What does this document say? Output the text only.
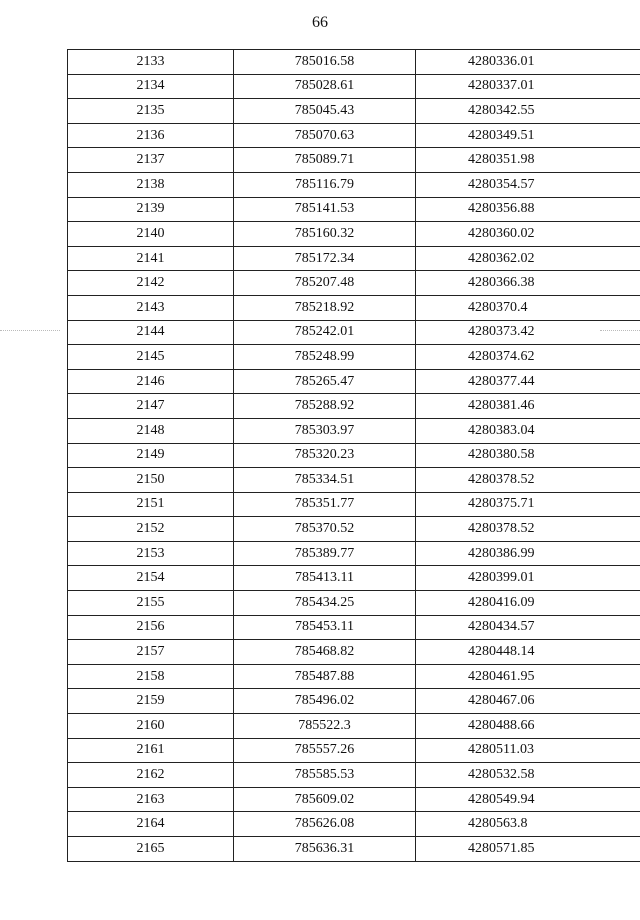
66
2133	785016.58	4280336.01
2134	785028.61	4280337.01
2135	785045.43	4280342.55
2136	785070.63	4280349.51
2137	785089.71	4280351.98
2138	785116.79	4280354.57
2139	785141.53	4280356.88
2140	785160.32	4280360.02
2141	785172.34	4280362.02
2142	785207.48	4280366.38
2143	785218.92	4280370.4
2144	785242.01	4280373.42
2145	785248.99	4280374.62
2146	785265.47	4280377.44
2147	785288.92	4280381.46
2148	785303.97	4280383.04
2149	785320.23	4280380.58
2150	785334.51	4280378.52
2151	785351.77	4280375.71
2152	785370.52	4280378.52
2153	785389.77	4280386.99
2154	785413.11	4280399.01
2155	785434.25	4280416.09
2156	785453.11	4280434.57
2157	785468.82	4280448.14
2158	785487.88	4280461.95
2159	785496.02	4280467.06
2160	785522.3	4280488.66
2161	785557.26	4280511.03
2162	785585.53	4280532.58
2163	785609.02	4280549.94
2164	785626.08	4280563.8
2165	785636.31	4280571.85
